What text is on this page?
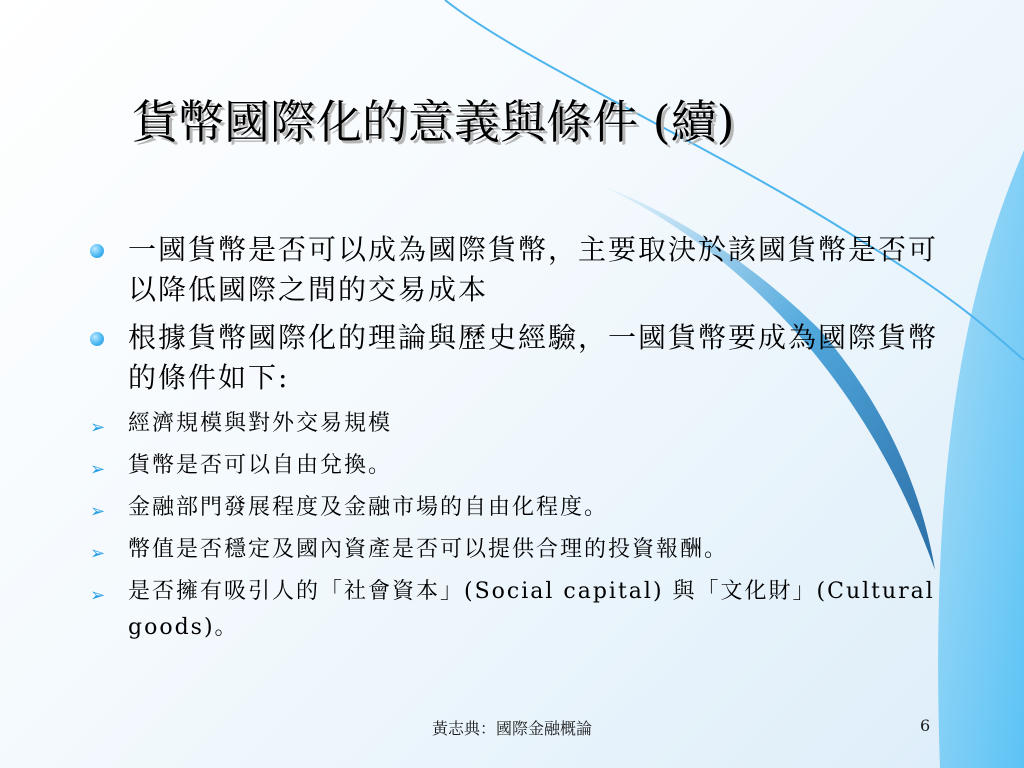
貨幣國際化的意義與條件 (續)
一國貨幣是否可以成為國際貨幣，主要取決於該國貨幣是否可以降低國際之間的交易成本
根據貨幣國際化的理論與歷史經驗，一國貨幣要成為國際貨幣的條件如下:
➢ 經濟規模與對外交易規模
➢ 貨幣是否可以自由兌換。
➢ 金融部門發展程度及金融市場的自由化程度。
➢ 幣值是否穩定及國內資產是否可以提供合理的投資報酬。
➢ 是否擁有吸引人的「社會資本」(Social capital) 與「文化財」(Cultural goods)。
黃志典：國際金融概論	6
